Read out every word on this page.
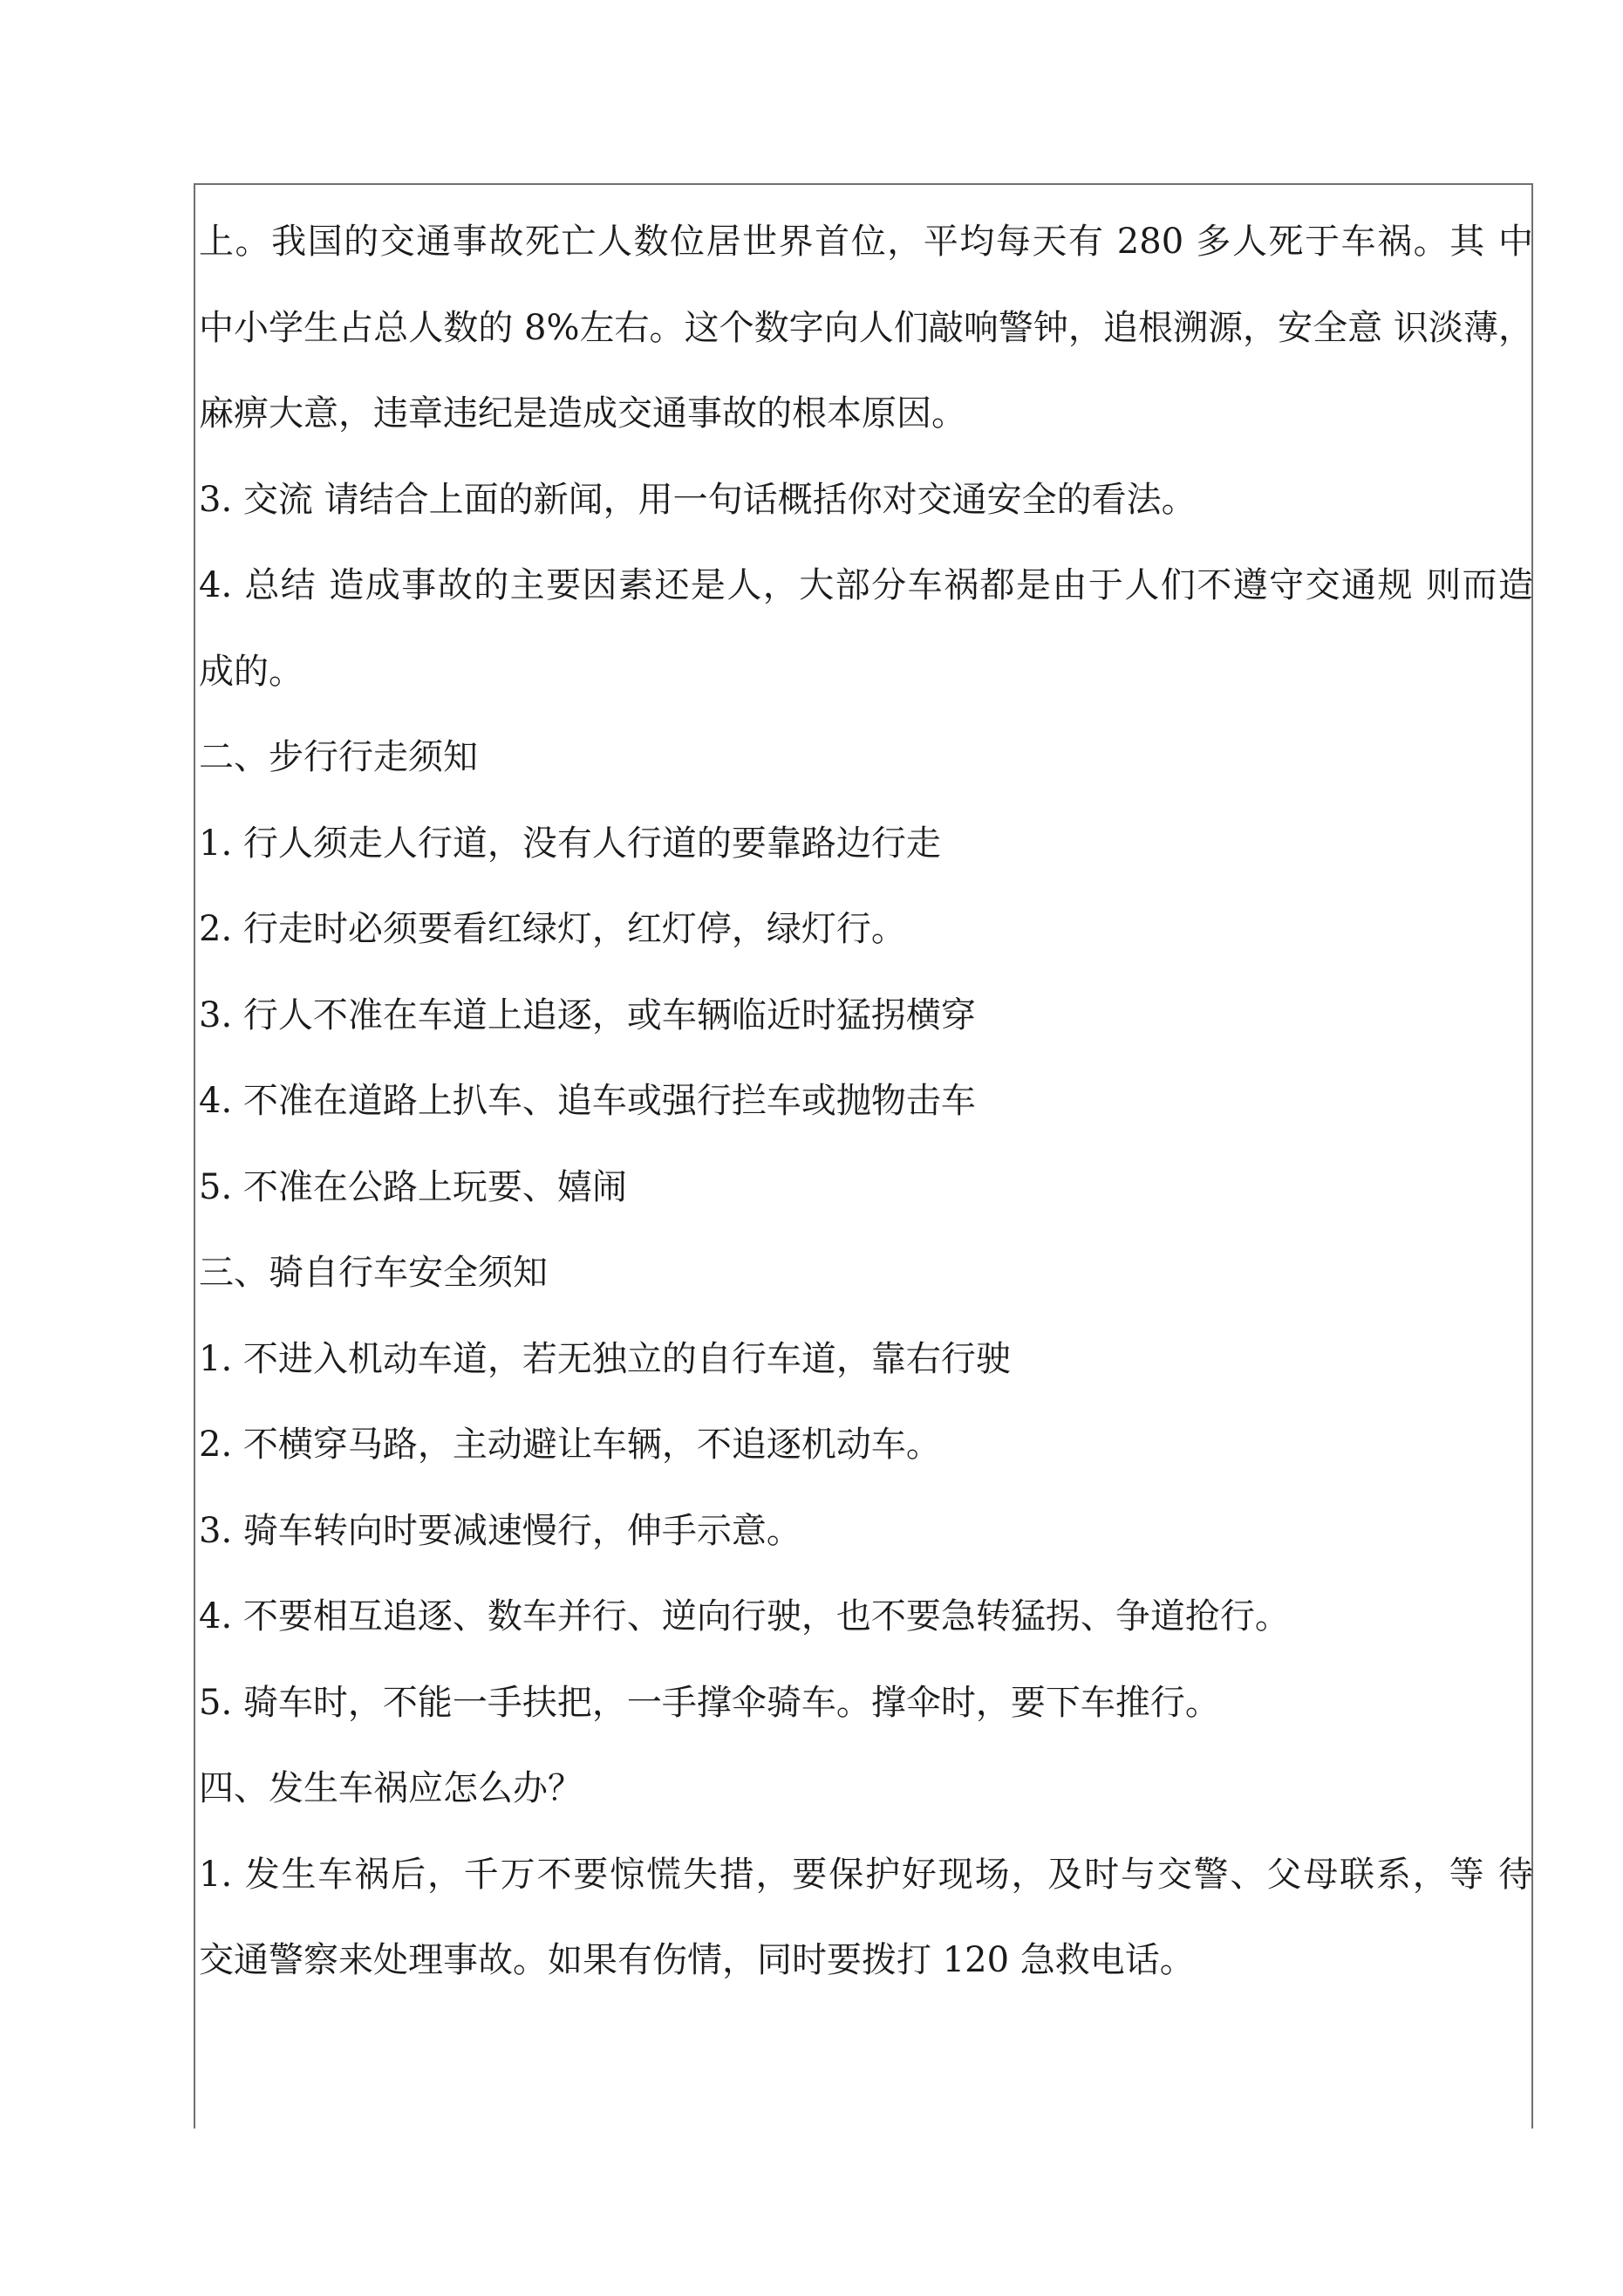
上。我国的交通事故死亡人数位居世界首位，平均每天有 280 多人死于车祸。其 中
中小学生占总人数的 8%左右。这个数字向人们敲响警钟，追根溯源，安全意 识淡薄，
麻痹大意，违章违纪是造成交通事故的根本原因。
3. 交流 请结合上面的新闻，用一句话概括你对交通安全的看法。
4. 总结 造成事故的主要因素还是人，大部分车祸都是由于人们不遵守交通规 则而造
成的。
二、步行行走须知
1. 行人须走人行道，没有人行道的要靠路边行走
2. 行走时必须要看红绿灯，红灯停，绿灯行。
3. 行人不准在车道上追逐，或车辆临近时猛拐横穿
4. 不准在道路上扒车、追车或强行拦车或抛物击车
5. 不准在公路上玩要、嬉闹
三、骑自行车安全须知
1. 不进入机动车道，若无独立的自行车道，靠右行驶
2. 不横穿马路，主动避让车辆，不追逐机动车。
3. 骑车转向时要减速慢行，伸手示意。
4. 不要相互追逐、数车并行、逆向行驶，也不要急转猛拐、争道抢行。
5. 骑车时，不能一手扶把，一手撑伞骑车。撑伞时，要下车推行。
四、发生车祸应怎么办？
1. 发生车祸后，千万不要惊慌失措，要保护好现场，及时与交警、父母联系，等 待
交通警察来处理事故。如果有伤情，同时要拨打 120 急救电话。
